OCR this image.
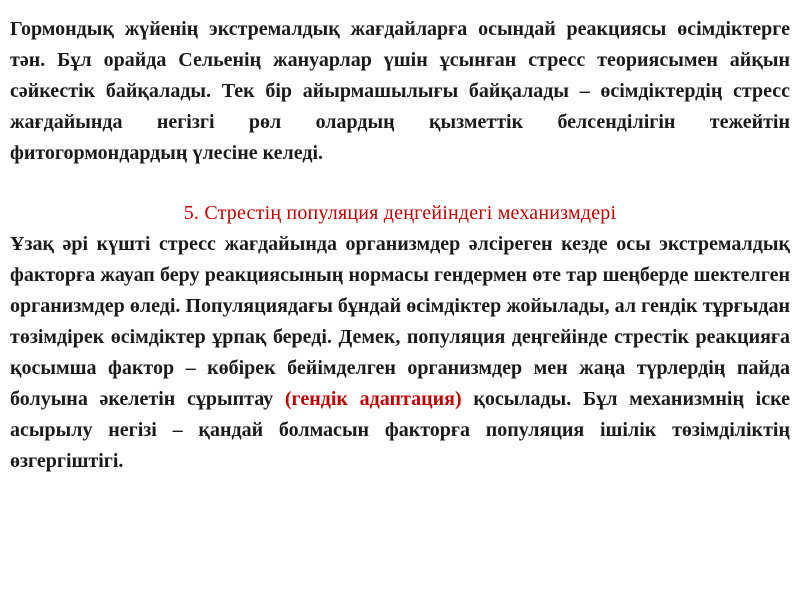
Гормондық жүйенің экстремалдық жағдайларға осындай реакциясы өсімдіктерге тән. Бұл орайда Сельенің жануарлар үшін ұсынған стресс теориясымен айқын сәйкестік байқалады. Тек бір айырмашылығы байқалады – өсімдіктердің стресс жағдайында негізгі рөл олардың қызметтік белсенділігін тежейтін фитогормондардың үлесіне келеді.

5. Стрестің популяция деңгейіндегі механизмдері

Ұзақ әрі күшті стресс жағдайында организмдер әлсіреген кезде осы экстремалдық факторға жауап беру реакциясының нормасы гендермен өте тар шеңберде шектелген организмдер өледі. Популяциядағы бұндай өсімдіктер жойылады, ал гендік тұрғыдан төзімдірек өсімдіктер ұрпақ береді. Демек, популяция деңгейінде стрестік реакцияға қосымша фактор – көбірек бейімделген организмдер мен жаңа түрлердің пайда болуына әкелетін сұрыптау (гендік адаптация) қосылады. Бұл механизмнің іске асырылу негізі – қандай болмасын факторға популяция ішілік төзімділіктің өзгергіштігі.
